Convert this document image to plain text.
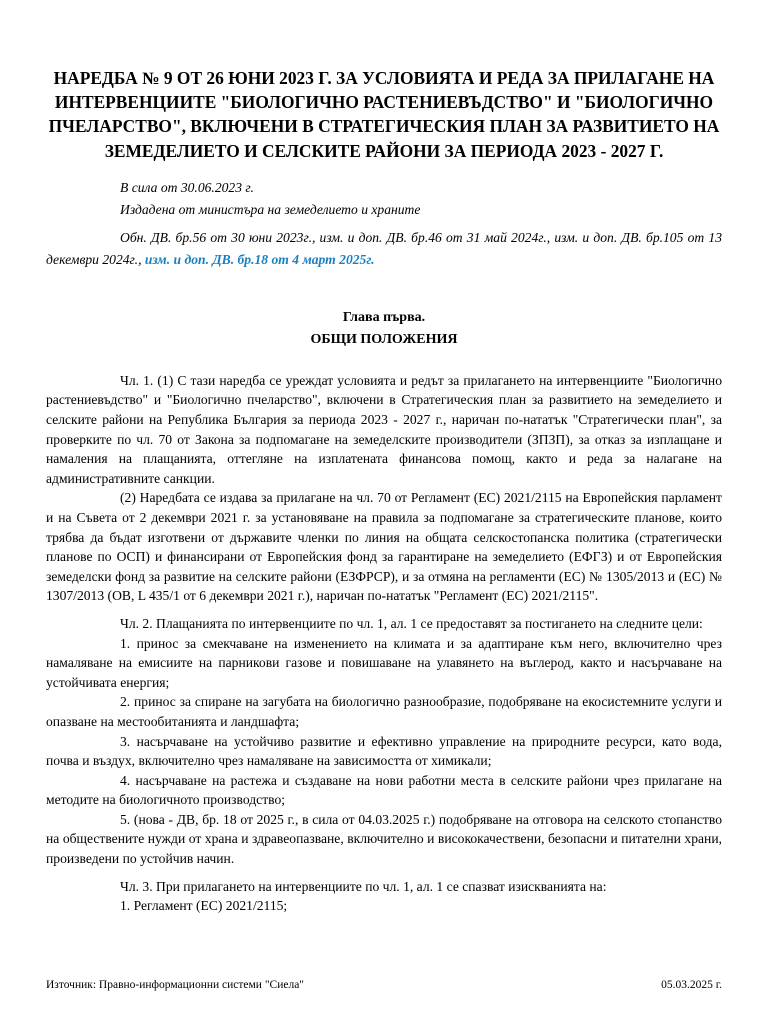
НАРЕДБА № 9 ОТ 26 ЮНИ 2023 Г. ЗА УСЛОВИЯТА И РЕДА ЗА ПРИЛАГАНЕ НА ИНТЕРВЕНЦИИТЕ "БИОЛОГИЧНО РАСТЕНИЕВЪДСТВО" И "БИОЛОГИЧНО ПЧЕЛАРСТВО", ВКЛЮЧЕНИ В СТРАТЕГИЧЕСКИЯ ПЛАН ЗА РАЗВИТИЕТО НА ЗЕМЕДЕЛИЕТО И СЕЛСКИТЕ РАЙОНИ ЗА ПЕРИОДА 2023 - 2027 Г.

В сила от 30.06.2023 г.

Издадена от министъра на земеделието и храните

Обн. ДВ. бр.56 от 30 юни 2023г., изм. и доп. ДВ. бр.46 от 31 май 2024г., изм. и доп. ДВ. бр.105 от 13 декември 2024г., изм. и доп. ДВ. бр.18 от 4 март 2025г.

Глава първа.
ОБЩИ ПОЛОЖЕНИЯ

Чл. 1. (1) С тази наредба се уреждат условията и редът за прилагането на интервенциите "Биологично растениевъдство" и "Биологично пчеларство", включени в Стратегическия план за развитието на земеделието и селските райони на Република България за периода 2023 - 2027 г., наричан по-нататък "Стратегически план", за проверките по чл. 70 от Закона за подпомагане на земеделските производители (ЗПЗП), за отказ за изплащане и намаления на плащанията, оттегляне на изплатената финансова помощ, както и реда за налагане на административните санкции.

(2) Наредбата се издава за прилагане на чл. 70 от Регламент (ЕС) 2021/2115 на Европейския парламент и на Съвета от 2 декември 2021 г. за установяване на правила за подпомагане за стратегическите планове, които трябва да бъдат изготвени от държавите членки по линия на общата селскостопанска политика (стратегически планове по ОСП) и финансирани от Европейския фонд за гарантиране на земеделието (ЕФГЗ) и от Европейския земеделски фонд за развитие на селските райони (ЕЗФРСР), и за отмяна на регламенти (ЕС) № 1305/2013 и (ЕС) № 1307/2013 (ОВ, L 435/1 от 6 декември 2021 г.), наричан по-нататък "Регламент (ЕС) 2021/2115".

Чл. 2. Плащанията по интервенциите по чл. 1, ал. 1 се предоставят за постигането на следните цели:

1. принос за смекчаване на изменението на климата и за адаптиране към него, включително чрез намаляване на емисиите на парникови газове и повишаване на улавянето на въглерод, както и насърчаване на устойчивата енергия;

2. принос за спиране на загубата на биологично разнообразие, подобряване на екосистемните услуги и опазване на местообитанията и ландшафта;

3. насърчаване на устойчиво развитие и ефективно управление на природните ресурси, като вода, почва и въздух, включително чрез намаляване на зависимостта от химикали;

4. насърчаване на растежа и създаване на нови работни места в селските райони чрез прилагане на методите на биологичното производство;

5. (нова - ДВ, бр. 18 от 2025 г., в сила от 04.03.2025 г.) подобряване на отговора на селското стопанство на обществените нужди от храна и здравеопазване, включително и висококачествени, безопасни и питателни храни, произведени по устойчив начин.

Чл. 3. При прилагането на интервенциите по чл. 1, ал. 1 се спазват изискванията на:

1. Регламент (ЕС) 2021/2115;

Източник: Правно-информационни системи "Сиела"	05.03.2025 г.
